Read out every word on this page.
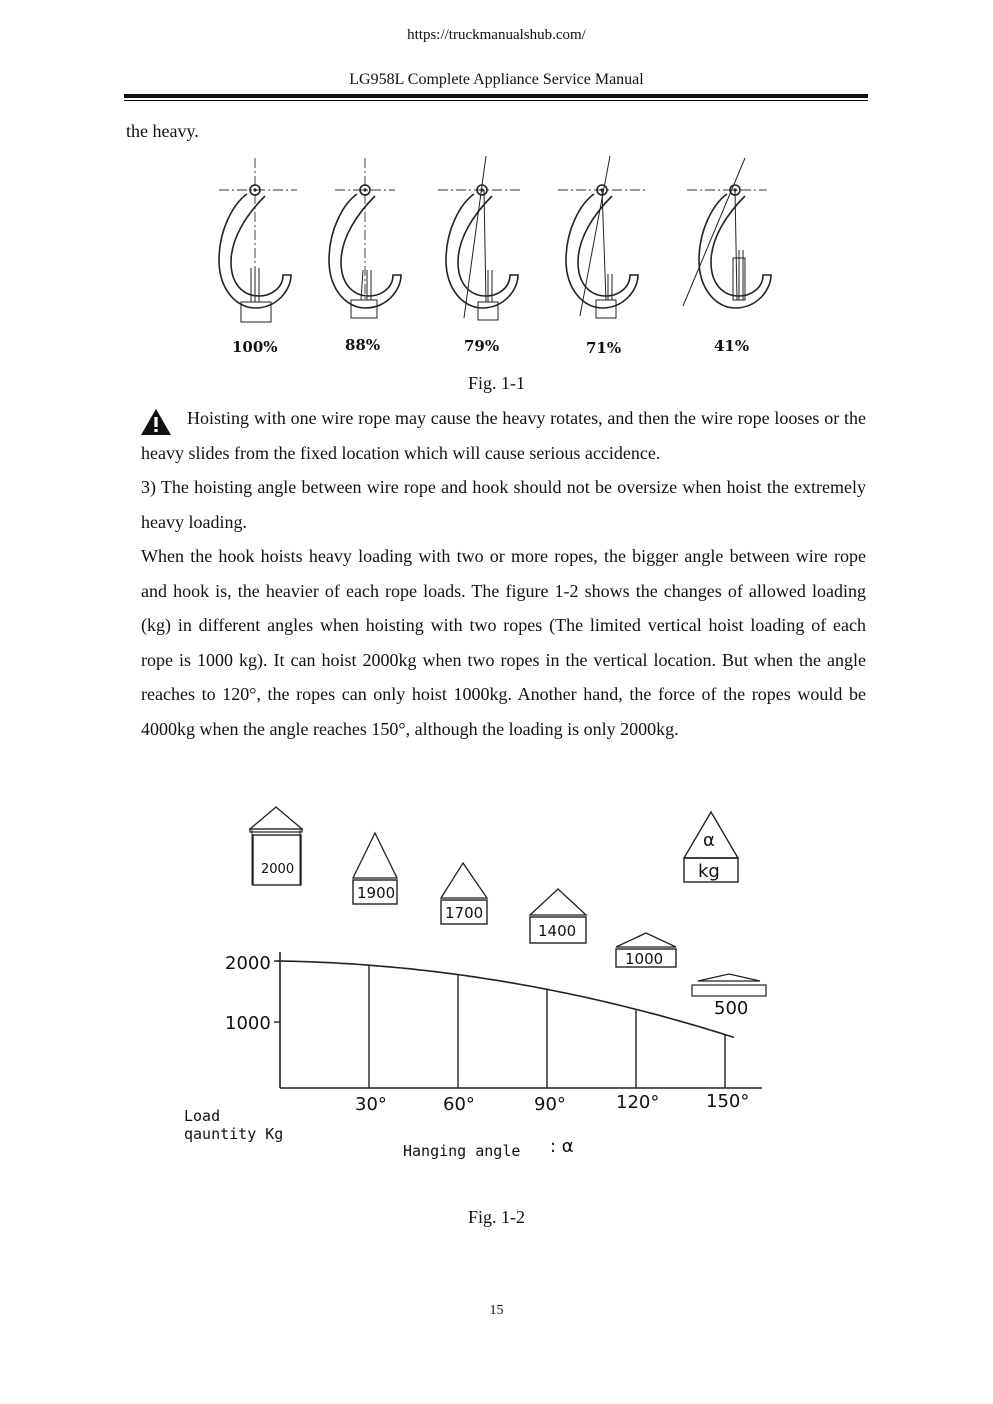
https://truckmanualshub.com/
LG958L Complete Appliance Service Manual
the heavy.
100%	88%	79%	71%	41%
Fig. 1-1

Hoisting with one wire rope may cause the heavy rotates, and then the wire rope looses or the heavy slides from the fixed location which will cause serious accidence.

3) The hoisting angle between wire rope and hook should not be oversize when hoist the extremely heavy loading.

When the hook hoists heavy loading with two or more ropes, the bigger angle between wire rope and hook is, the heavier of each rope loads. The figure 1-2 shows the changes of allowed loading (kg) in different angles when hoisting with two ropes (The limited vertical hoist loading of each rope is 1000 kg). It can hoist 2000kg when two ropes in the vertical location. But when the angle reaches to 120°, the ropes can only hoist 1000kg. Another hand, the force of the ropes would be 4000kg when the angle reaches 150°, although the loading is only 2000kg.

2000
1000
30°	60°	90°	120°	150°
Load
qauntity Kg
Hanging angle : α
2000
1900
1700
1400
1000
500
α
kg
Fig. 1-2
15
